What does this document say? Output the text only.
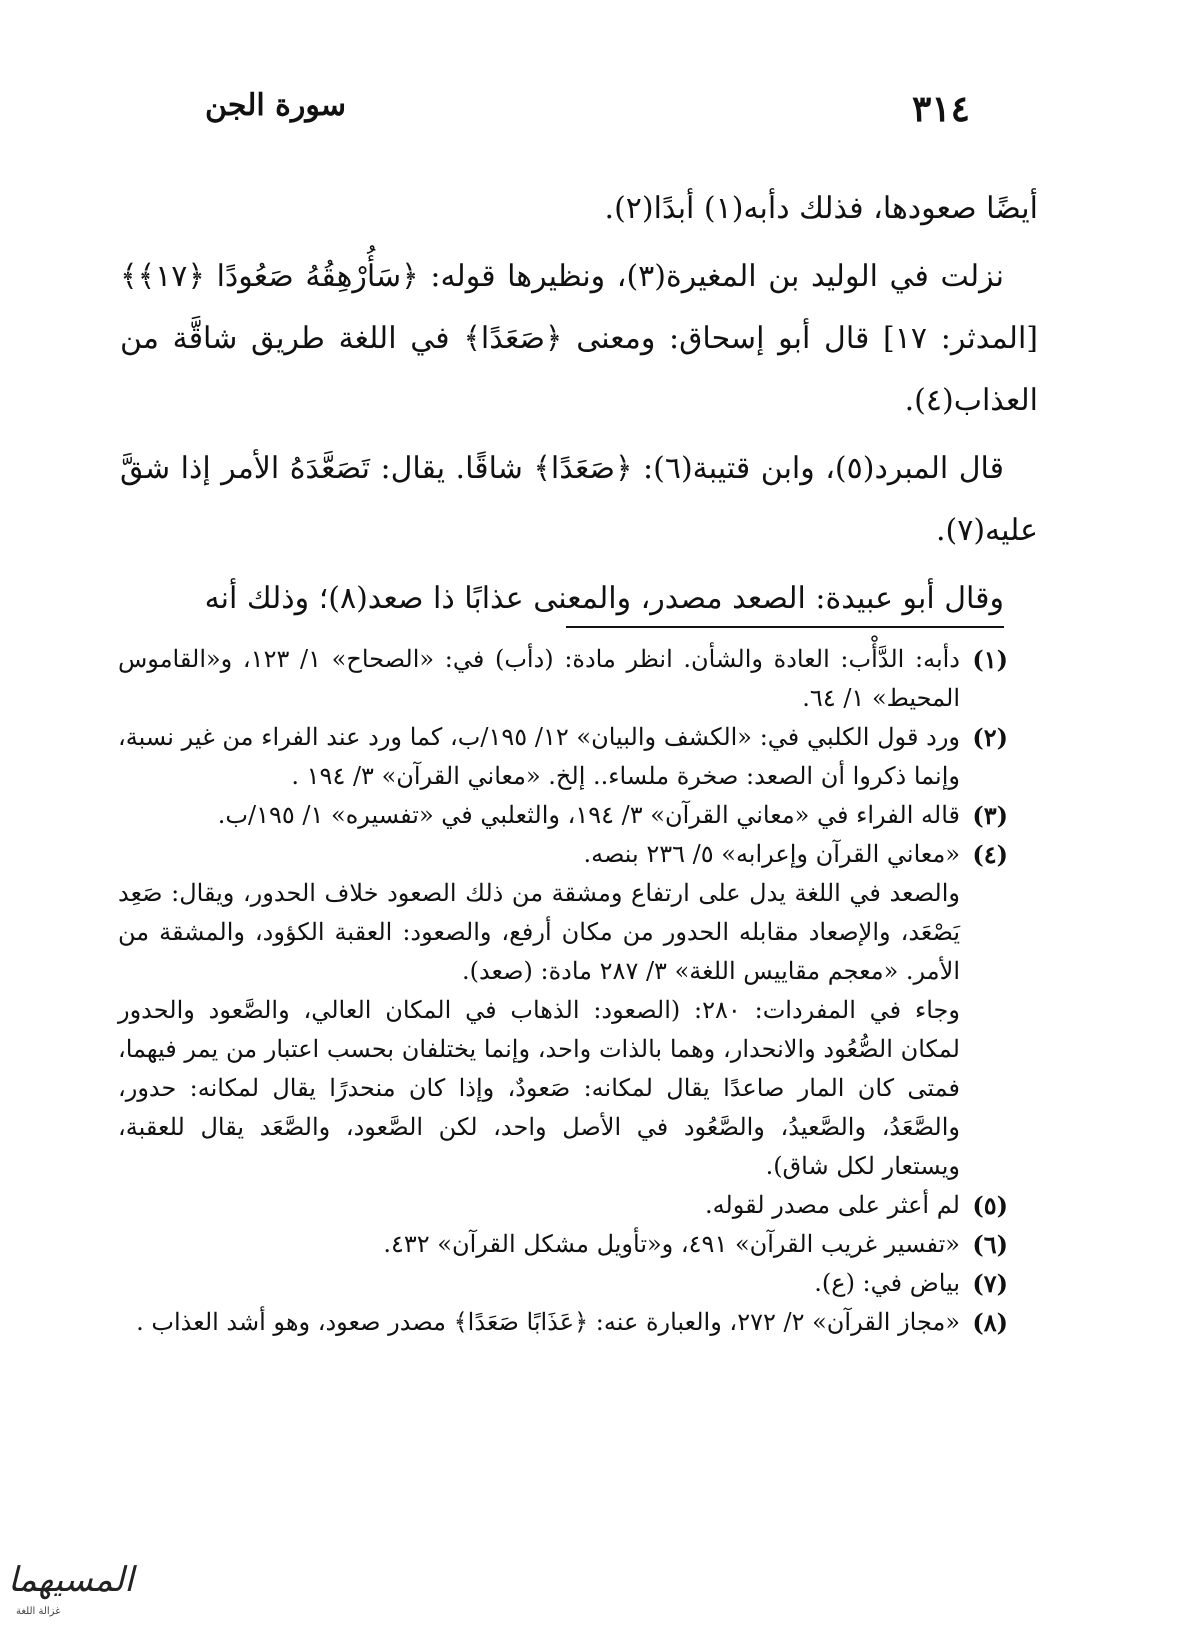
٣١٤
سورة الجن

أيضًا صعودها، فذلك دأبه(١) أبدًا(٢).

نزلت في الوليد بن المغيرة(٣)، ونظيرها قوله: ﴿سَأُرْهِقُهُ صَعُودًا ﴿١٧﴾﴾ [المدثر: ١٧] قال أبو إسحاق: ومعنى ﴿صَعَدًا﴾ في اللغة طريق شاقَّة من العذاب(٤).

قال المبرد(٥)، وابن قتيبة(٦): ﴿صَعَدًا﴾ شاقًا. يقال: تَصَعَّدَهُ الأمر إذا شقَّ عليه(٧).

وقال أبو عبيدة: الصعد مصدر، والمعنى عذابًا ذا صعد(٨)؛ وذلك أنه

(١)
دأبه: الدَّأْب: العادة والشأن. انظر مادة: (دأب) في: «الصحاح» ١/ ١٢٣، و«القاموس المحيط» ١/ ٦٤.
(٢)
ورد قول الكلبي في: «الكشف والبيان» ١٢/ ١٩٥/ب، كما ورد عند الفراء من غير نسبة، وإنما ذكروا أن الصعد: صخرة ملساء.. إلخ. «معاني القرآن» ٣/ ١٩٤ .
(٣)
قاله الفراء في «معاني القرآن» ٣/ ١٩٤، والثعلبي في «تفسيره» ١/ ١٩٥/ب.
(٤)
«معاني القرآن وإعرابه» ٥/ ٢٣٦ بنصه.

والصعد في اللغة يدل على ارتفاع ومشقة من ذلك الصعود خلاف الحدور، ويقال: صَعِد يَصْعَد، والإصعاد مقابله الحدور من مكان أرفع، والصعود: العقبة الكؤود، والمشقة من الأمر. «معجم مقاييس اللغة» ٣/ ٢٨٧ مادة: (صعد).

وجاء في المفردات: ٢٨٠: (الصعود: الذهاب في المكان العالي، والصَّعود والحدور لمكان الصُّعُود والانحدار، وهما بالذات واحد، وإنما يختلفان بحسب اعتبار من يمر فيهما، فمتى كان المار صاعدًا يقال لمكانه: صَعودٌ، وإذا كان منحدرًا يقال لمكانه: حدور، والصَّعَدُ، والصَّعيدُ، والصَّعُود في الأصل واحد، لكن الصَّعود، والصَّعَد يقال للعقبة، ويستعار لكل شاق).

(٥)
لم أعثر على مصدر لقوله.
(٦)
«تفسير غريب القرآن» ٤٩١، و«تأويل مشكل القرآن» ٤٣٢.
(٧)
بياض في: (ع).
(٨)
«مجاز القرآن» ٢/ ٢٧٢، والعبارة عنه: ﴿عَذَابًا صَعَدًا﴾ مصدر صعود، وهو أشد العذاب .
المسيهما
غزالة اللغة
